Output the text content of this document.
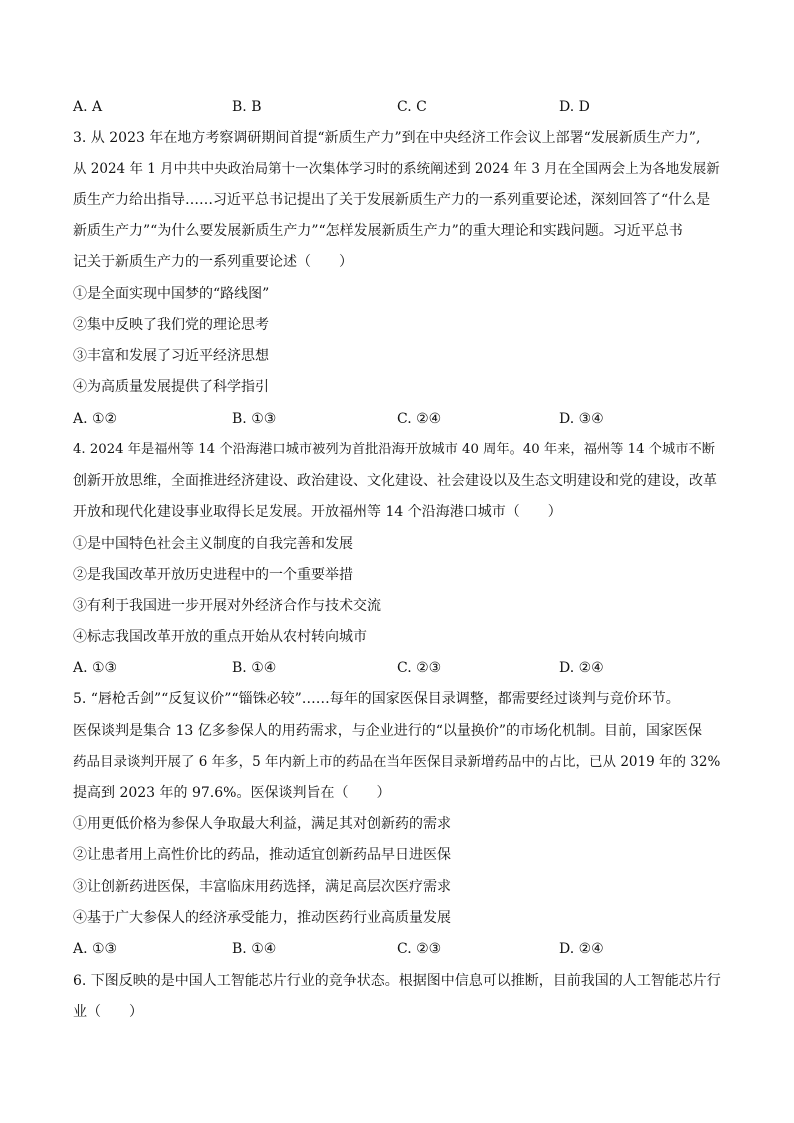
A. A	B. B	C. C	D. D
3. 从 2023 年在地方考察调研期间首提“新质生产力”到在中央经济工作会议上部署“发展新质生产力”,
从 2024 年 1 月中共中央政治局第十一次集体学习时的系统阐述到 2024 年 3 月在全国两会上为各地发展新
质生产力给出指导……习近平总书记提出了关于发展新质生产力的一系列重要论述，深刻回答了“什么是
新质生产力”“为什么要发展新质生产力”“怎样发展新质生产力”的重大理论和实践问题。习近平总书
记关于新质生产力的一系列重要论述（　　）
①是全面实现中国梦的“路线图”
②集中反映了我们党的理论思考
③丰富和发展了习近平经济思想
④为高质量发展提供了科学指引
A. ①②	B. ①③	C. ②④	D. ③④
4. 2024 年是福州等 14 个沿海港口城市被列为首批沿海开放城市 40 周年。40 年来，福州等 14 个城市不断
创新开放思维，全面推进经济建设、政治建设、文化建设、社会建设以及生态文明建设和党的建设，改革
开放和现代化建设事业取得长足发展。开放福州等 14 个沿海港口城市（　　）
①是中国特色社会主义制度的自我完善和发展
②是我国改革开放历史进程中的一个重要举措
③有利于我国进一步开展对外经济合作与技术交流
④标志我国改革开放的重点开始从农村转向城市
A. ①③	B. ①④	C. ②③	D. ②④
5. “唇枪舌剑”“反复议价”“锱铢必较”……每年的国家医保目录调整，都需要经过谈判与竞价环节。
医保谈判是集合 13 亿多参保人的用药需求，与企业进行的“以量换价”的市场化机制。目前，国家医保
药品目录谈判开展了 6 年多，5 年内新上市的药品在当年医保目录新增药品中的占比，已从 2019 年的 32%
提高到 2023 年的 97.6%。医保谈判旨在（　　）
①用更低价格为参保人争取最大利益，满足其对创新药的需求
②让患者用上高性价比的药品，推动适宜创新药品早日进医保
③让创新药进医保，丰富临床用药选择，满足高层次医疗需求
④基于广大参保人的经济承受能力，推动医药行业高质量发展
A. ①③	B. ①④	C. ②③	D. ②④
6. 下图反映的是中国人工智能芯片行业的竞争状态。根据图中信息可以推断，目前我国的人工智能芯片行
业（　　）
